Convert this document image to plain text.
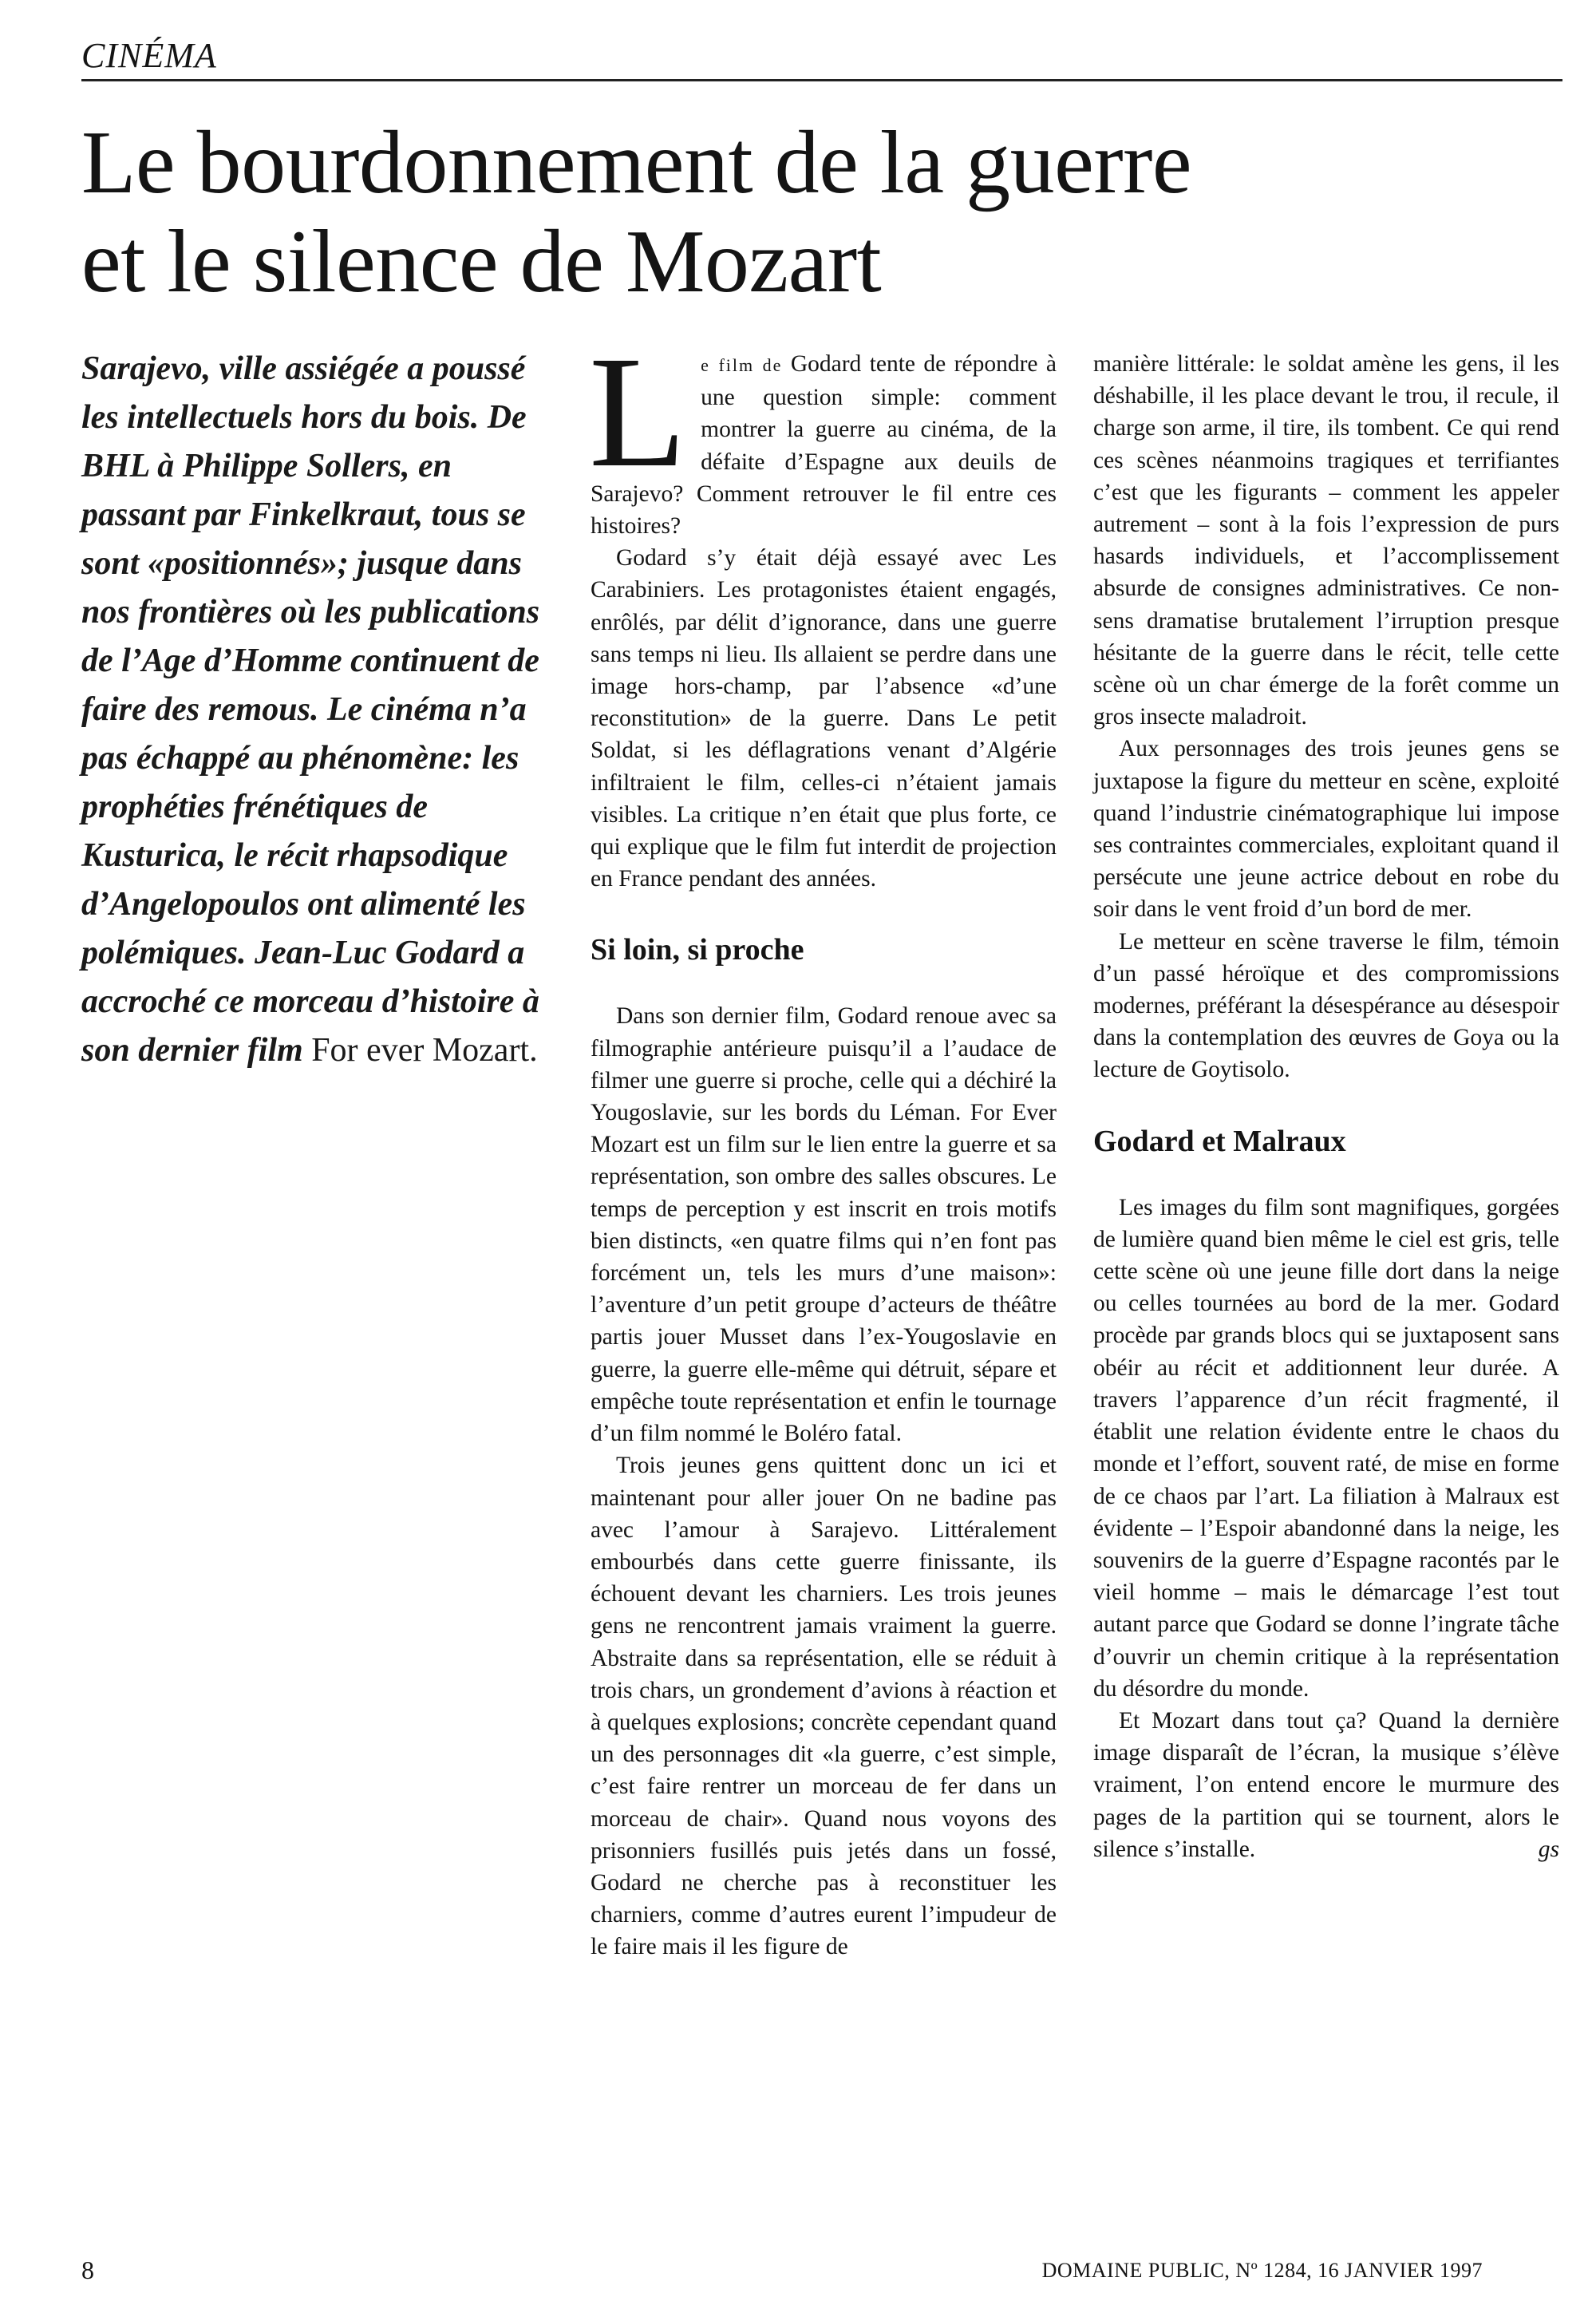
CINÉMA
Le bourdonnement de la guerre
et le silence de Mozart

Sarajevo, ville assiégée a poussé les intellectuels hors du bois. De BHL à Philippe Sollers, en passant par Finkelkraut, tous se sont «positionnés»; jusque dans nos frontières où les publications de l’Age d’Homme continuent de faire des remous. Le cinéma n’a pas échappé au phénomène: les prophéties frénétiques de Kusturica, le récit rhapsodique d’Angelopoulos ont alimenté les polémiques. Jean-Luc Godard a accroché ce morceau d’histoire à son dernier film For ever Mozart.

Le film de Godard tente de répondre à une question simple: comment montrer la guerre au cinéma, de la défaite d’Espagne aux deuils de Sarajevo? Comment retrouver le fil entre ces histoires?

Godard s’y était déjà essayé avec Les Carabiniers. Les protagonistes étaient engagés, enrôlés, par délit d’ignorance, dans une guerre sans temps ni lieu. Ils allaient se perdre dans une image hors-champ, par l’absence «d’une reconstitution» de la guerre. Dans Le petit Soldat, si les déflagrations venant d’Algérie infiltraient le film, celles-ci n’étaient jamais visibles. La critique n’en était que plus forte, ce qui explique que le film fut interdit de projection en France pendant des années.

Si loin, si proche

Dans son dernier film, Godard renoue avec sa filmographie antérieure puisqu’il a l’audace de filmer une guerre si proche, celle qui a déchiré la Yougoslavie, sur les bords du Léman. For Ever Mozart est un film sur le lien entre la guerre et sa représentation, son ombre des salles obscures. Le temps de perception y est inscrit en trois motifs bien distincts, «en quatre films qui n’en font pas forcément un, tels les murs d’une maison»: l’aventure d’un petit groupe d’acteurs de théâtre partis jouer Musset dans l’ex-Yougoslavie en guerre, la guerre elle-même qui détruit, sépare et empêche toute représentation et enfin le tournage d’un film nommé le Boléro fatal.

Trois jeunes gens quittent donc un ici et maintenant pour aller jouer On ne badine pas avec l’amour à Sarajevo. Littéralement embourbés dans cette guerre finissante, ils échouent devant les charniers. Les trois jeunes gens ne rencontrent jamais vraiment la guerre. Abstraite dans sa représentation, elle se réduit à trois chars, un grondement d’avions à réaction et à quelques explosions; concrète cependant quand un des personnages dit «la guerre, c’est simple, c’est faire rentrer un morceau de fer dans un morceau de chair». Quand nous voyons des prisonniers fusillés puis jetés dans un fossé, Godard ne cherche pas à reconstituer les charniers, comme d’autres eurent l’impudeur de le faire mais il les figure de

manière littérale: le soldat amène les gens, il les déshabille, il les place devant le trou, il recule, il charge son arme, il tire, ils tombent. Ce qui rend ces scènes néanmoins tragiques et terrifiantes c’est que les figurants – comment les appeler autrement – sont à la fois l’expression de purs hasards individuels, et l’accomplissement absurde de consignes administratives. Ce non-sens dramatise brutalement l’irruption presque hésitante de la guerre dans le récit, telle cette scène où un char émerge de la forêt comme un gros insecte maladroit.

Aux personnages des trois jeunes gens se juxtapose la figure du metteur en scène, exploité quand l’industrie cinématographique lui impose ses contraintes commerciales, exploitant quand il persécute une jeune actrice debout en robe du soir dans le vent froid d’un bord de mer.

Le metteur en scène traverse le film, témoin d’un passé héroïque et des compromissions modernes, préférant la désespérance au désespoir dans la contemplation des œuvres de Goya ou la lecture de Goytisolo.

Godard et Malraux

Les images du film sont magnifiques, gorgées de lumière quand bien même le ciel est gris, telle cette scène où une jeune fille dort dans la neige ou celles tournées au bord de la mer. Godard procède par grands blocs qui se juxtaposent sans obéir au récit et additionnent leur durée. A travers l’apparence d’un récit fragmenté, il établit une relation évidente entre le chaos du monde et l’effort, souvent raté, de mise en forme de ce chaos par l’art. La filiation à Malraux est évidente – l’Espoir abandonné dans la neige, les souvenirs de la guerre d’Espagne racontés par le vieil homme – mais le démarcage l’est tout autant parce que Godard se donne l’ingrate tâche d’ouvrir un chemin critique à la représentation du désordre du monde.

Et Mozart dans tout ça? Quand la dernière image disparaît de l’écran, la musique s’élève vraiment, l’on entend encore le murmure des pages de la partition qui se tournent, alors le silence s’installe.	gs
8	DOMAINE PUBLIC, Nº 1284, 16 JANVIER 1997
